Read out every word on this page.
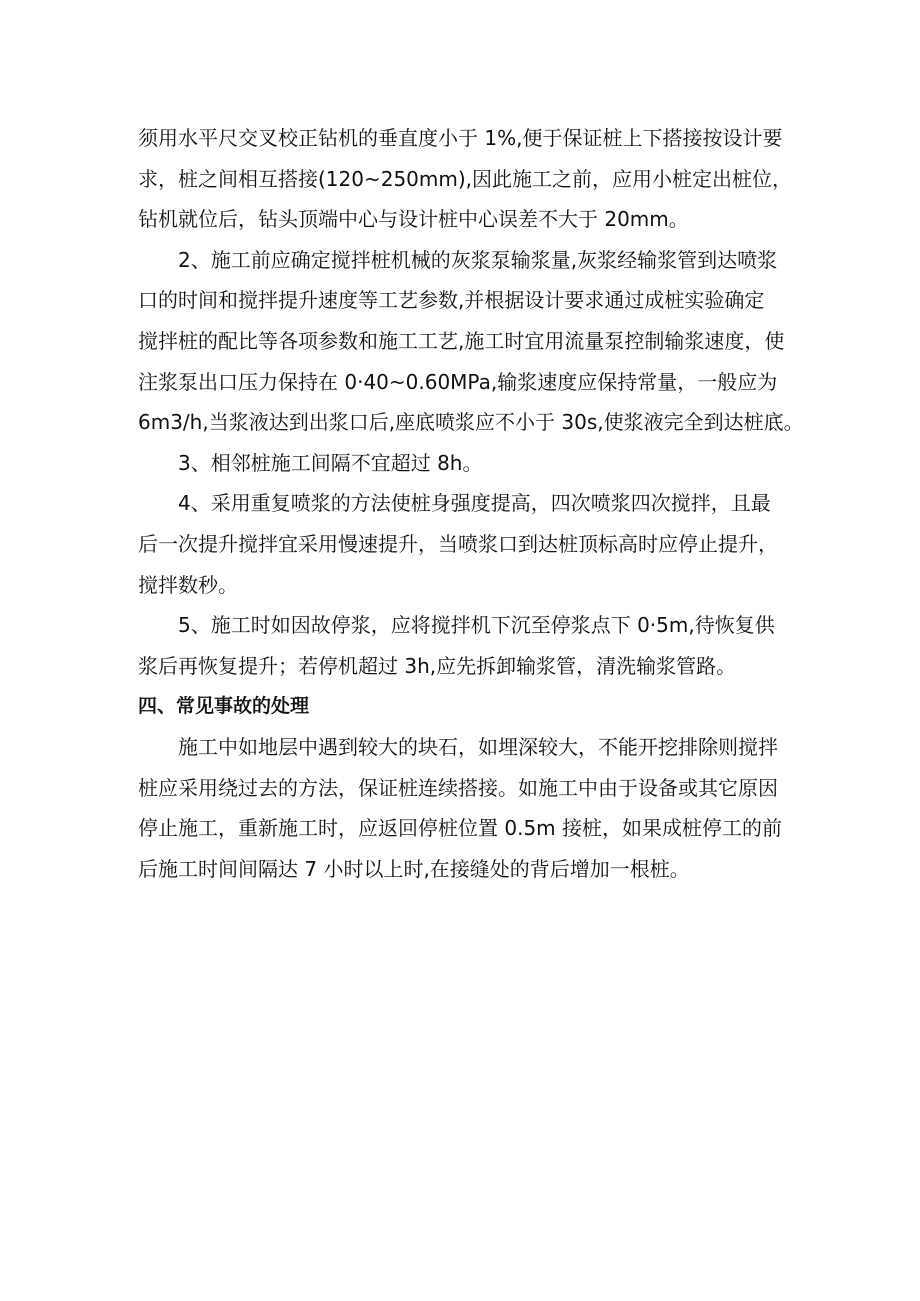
须用水平尺交叉校正钻机的垂直度小于 1%,便于保证桩上下搭接按设计要
求，桩之间相互搭接(120~250mm),因此施工之前，应用小桩定出桩位，
钻机就位后，钻头顶端中心与设计桩中心误差不大于 20mm。
2、施工前应确定搅拌桩机械的灰浆泵输浆量,灰浆经输浆管到达喷浆
口的时间和搅拌提升速度等工艺参数,并根据设计要求通过成桩实验确定
搅拌桩的配比等各项参数和施工工艺,施工时宜用流量泵控制输浆速度，使
注浆泵出口压力保持在 0·40~0.60MPa,输浆速度应保持常量，一般应为
6m3/h,当浆液达到出浆口后,座底喷浆应不小于 30s,使浆液完全到达桩底。
3、相邻桩施工间隔不宜超过 8h。
4、采用重复喷浆的方法使桩身强度提高，四次喷浆四次搅拌，且最
后一次提升搅拌宜采用慢速提升，当喷浆口到达桩顶标高时应停止提升，
搅拌数秒。
5、施工时如因故停浆，应将搅拌机下沉至停浆点下 0·5m,待恢复供
浆后再恢复提升；若停机超过 3h,应先拆卸输浆管，清洗输浆管路。
四、常见事故的处理
施工中如地层中遇到较大的块石，如埋深较大，不能开挖排除则搅拌
桩应采用绕过去的方法，保证桩连续搭接。如施工中由于设备或其它原因
停止施工，重新施工时，应返回停桩位置 0.5m 接桩，如果成桩停工的前
后施工时间间隔达 7 小时以上时,在接缝处的背后增加一根桩。
